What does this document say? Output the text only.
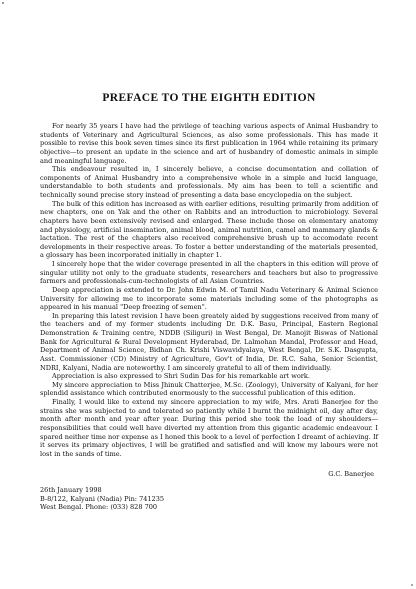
PREFACE TO THE EIGHTH EDITION

For nearly 35 years I have had the privilege of teaching various aspects of Animal Husbandry to students of Veterinary and Agricultural Sciences, as also some professionals. This has made it possible to revise this book seven times since its first publication in 1964 while retaining its primary objective—to present an update in the science and art of husbandry of domestic animals in simple and meaningful language.

This endeavour resulted in, I sincerely believe, a concise documentation and collation of components of Animal Husbandry into a comprehensive whole in a simple and lucid language, understandable to both students and professionals. My aim has been to tell a scientific and technically sound precise story instead of presenting a data base encyclopedia on the subject.

The bulk of this edition has increased as with earlier editions, resulting primarily from addition of new chapters, one on Yak and the other on Rabbits and an introduction to microbiology. Several chapters have been extensively revised and enlarged. These include those on elementary anatomy and physiology, artificial insemination, animal blood, animal nutrition, camel and mammary glands & lactation. The rest of the chapters also received comprehensive brush up to accomodate recent developments in their respective areas. To foster a better understanding of the materials presented, a glossary has been incorporated initially in chapter 1.

I sincerely hope that the wider coverage presented in all the chapters in this edition will prove of singular utility not only to the graduate students, researchers and teachers but also to progressive farmers and professionals-cum-technologists of all Asian Countries.

Deep appreciation is extended to Dr. John Edwin M. of Tamil Nadu Veterinary & Animal Science University for allowing me to incorporate some materials including some of the photographs as appeared in his manual "Deep freezing of semen".

In preparing this latest revision I have been greately aided by suggestions received from many of the teachers and of my former students including Dr. D.K. Basu, Principal, Eastern Regional Demonstration & Training centre, NDDB (Siliguri) in West Bengal, Dr. Manojit Biswas of National Bank for Agricultural & Rural Development Hyderabad, Dr. Lalmohan Mandal, Professor and Head, Department of Animal Science, Bidhan Ch. Krishi Viswavidyalaya, West Bengal, Dr. S.K. Dasgupta, Asst. Commissioner (CD) Ministry of Agriculture, Gov't of India, Dr. R.C. Saha, Senior Scientist, NDRI, Kalyani, Nadia are noteworthy. I am sincerely grateful to all of them individually.

Appreciation is also expressed to Shri Sudin Das for his remarkable art work.

My sincere appreciation to Miss Jhinuk Chatterjee, M.Sc. (Zoology), University of Kalyani, for her splendid assistance which contributed enormously to the successful publication of this edition.

Finally, I would like to extend my sincere appreciation to my wife, Mrs. Arati Banerjee for the strains she was subjected to and tolerated so patiently while I burnt the midnight oil, day after day, month after month and year after year. During this period she took the load of my shoulders—responsibilities that could well have diverted my attention from this gigantic academic endeavour. I spared neither time nor expense as I honed this book to a level of perfection I dreamt of achieving. If it serves its primary objectives, I will be gratified and satisfied and will know my labours were not lost in the sands of time.

G.C. Banerjee
26th January 1998
B-8/122, Kalyani (Nadia) Pin: 741235
West Bengal. Phone: (033) 828 700
